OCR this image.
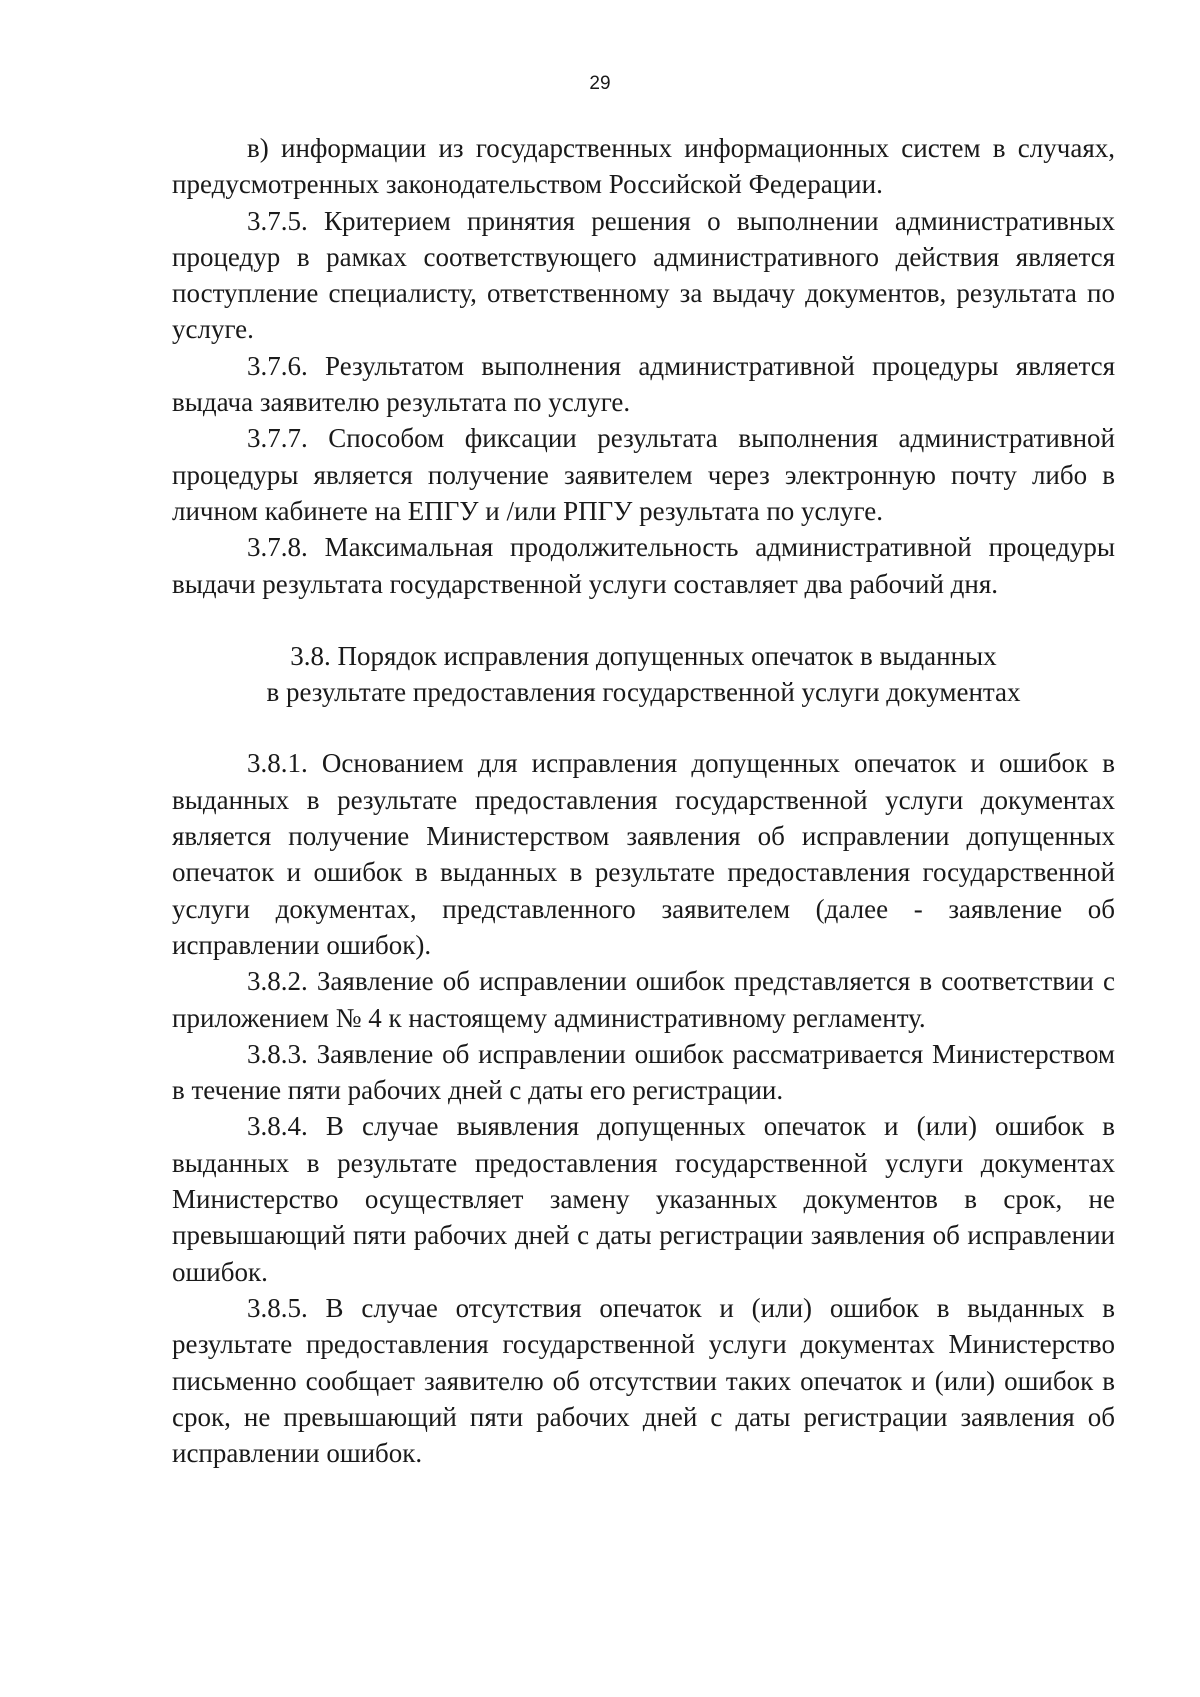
29

в) информации из государственных информационных систем в случаях, предусмотренных законодательством Российской Федерации.

3.7.5. Критерием принятия решения о выполнении административных процедур в рамках соответствующего административного действия является поступление специалисту, ответственному за выдачу документов, результата по услуге.

3.7.6. Результатом выполнения административной процедуры является выдача заявителю результата по услуге.

3.7.7. Способом фиксации результата выполнения административной процедуры является получение заявителем через электронную почту либо в личном кабинете на ЕПГУ и /или РПГУ результата по услуге.

3.7.8. Максимальная продолжительность административной процедуры выдачи результата государственной услуги составляет два рабочий дня.

3.8. Порядок исправления допущенных опечаток в выданных
в результате предоставления государственной услуги документах

3.8.1. Основанием для исправления допущенных опечаток и ошибок в выданных в результате предоставления государственной услуги документах является получение Министерством заявления об исправлении допущенных опечаток и ошибок в выданных в результате предоставления государственной услуги документах, представленного заявителем (далее - заявление об исправлении ошибок).

3.8.2. Заявление об исправлении ошибок представляется в соответствии с приложением № 4 к настоящему административному регламенту.

3.8.3. Заявление об исправлении ошибок рассматривается Министерством в течение пяти рабочих дней с даты его регистрации.

3.8.4. В случае выявления допущенных опечаток и (или) ошибок в выданных в результате предоставления государственной услуги документах Министерство осуществляет замену указанных документов в срок, не превышающий пяти рабочих дней с даты регистрации заявления об исправлении ошибок.

3.8.5. В случае отсутствия опечаток и (или) ошибок в выданных в результате предоставления государственной услуги документах Министерство письменно сообщает заявителю об отсутствии таких опечаток и (или) ошибок в срок, не превышающий пяти рабочих дней с даты регистрации заявления об исправлении ошибок.
